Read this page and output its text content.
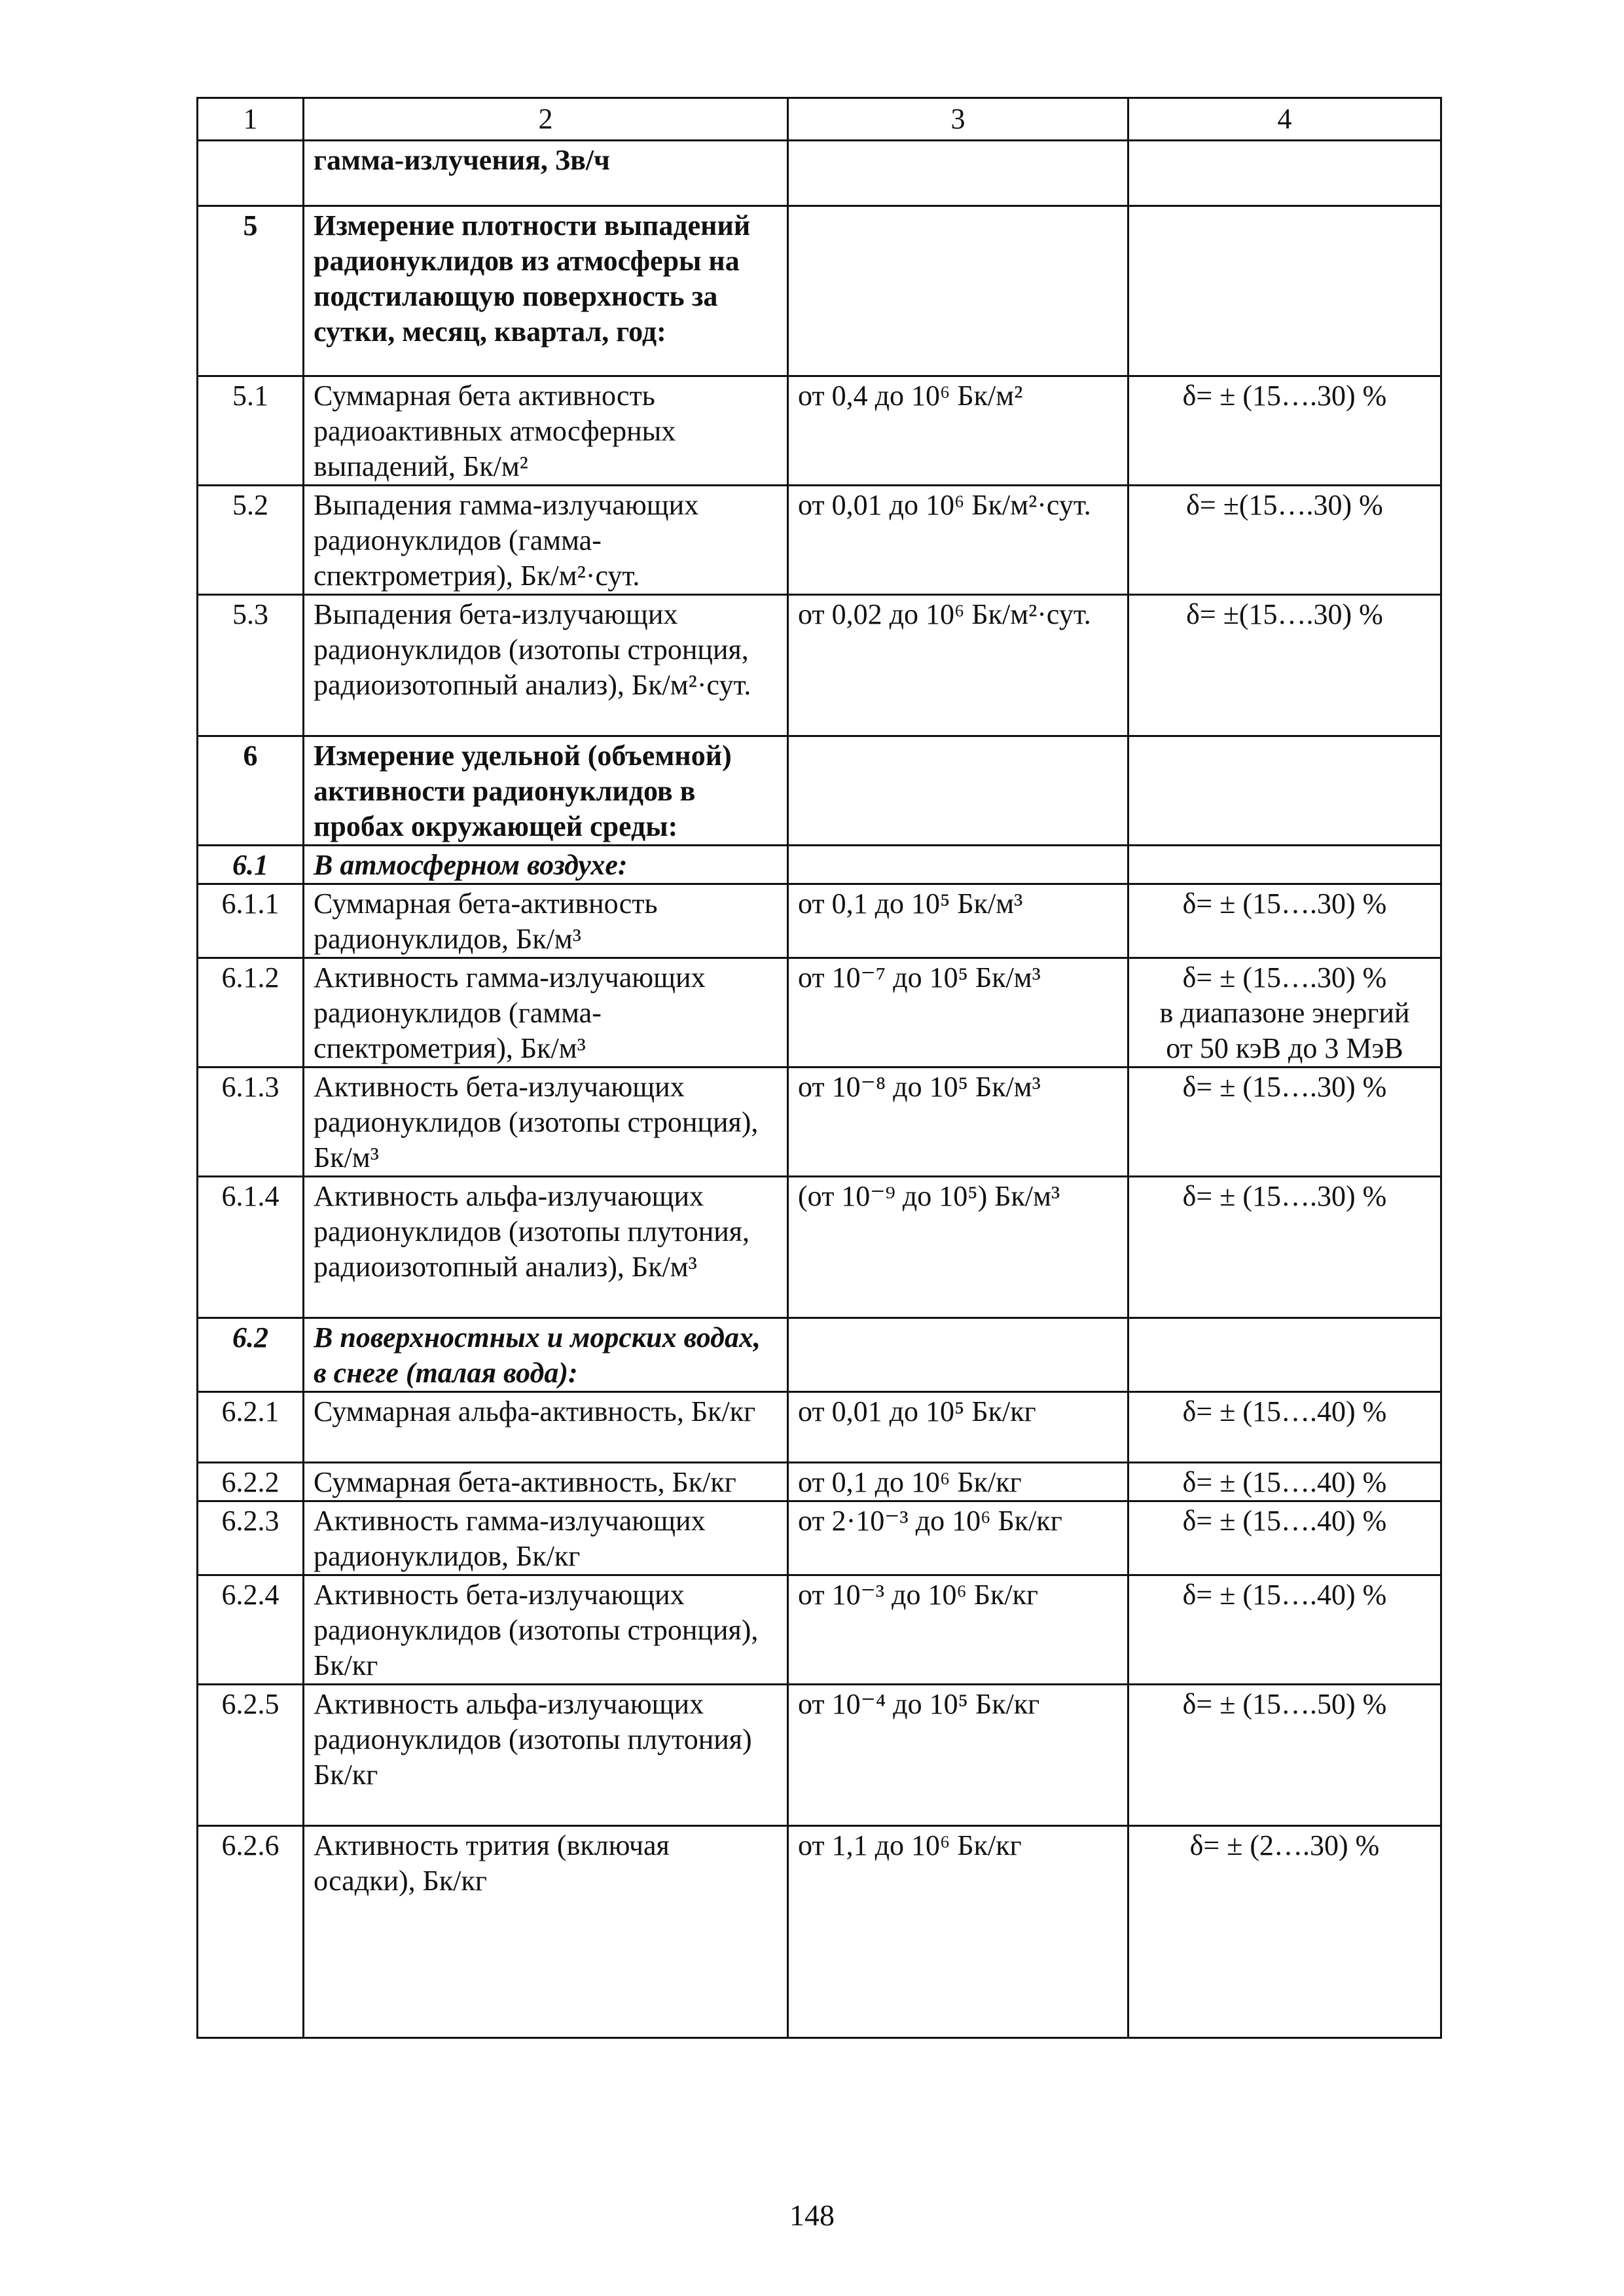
1	2	3	4
	гамма-излучения, Зв/ч		
5	Измерение плотности выпадений радионуклидов из атмосферы на подстилающую поверхность за сутки, месяц, квартал, год:		
5.1	Суммарная бета активность радиоактивных атмосферных выпадений, Бк/м²	от 0,4 до 10⁶ Бк/м²	δ= ± (15….30) %
5.2	Выпадения гамма-излучающих радионуклидов (гамма-спектрометрия), Бк/м²·сут.	от 0,01 до 10⁶ Бк/м²·сут.	δ= ±(15….30) %
5.3	Выпадения бета-излучающих радионуклидов (изотопы стронция, радиоизотопный анализ), Бк/м²·сут.	от 0,02 до 10⁶ Бк/м²·сут.	δ= ±(15….30) %
6	Измерение удельной (объемной) активности радионуклидов в пробах окружающей среды:		
6.1	В атмосферном воздухе:		
6.1.1	Суммарная бета-активность радионуклидов, Бк/м³	от 0,1 до 10⁵ Бк/м³	δ= ± (15….30) %
6.1.2	Активность гамма-излучающих радионуклидов (гамма-спектрометрия), Бк/м³	от 10⁻⁷ до 10⁵ Бк/м³	δ= ± (15….30) %
в диапазоне энергий
от 50 кэВ до 3 МэВ
6.1.3	Активность бета-излучающих радионуклидов (изотопы стронция), Бк/м³	от 10⁻⁸ до 10⁵ Бк/м³	δ= ± (15….30) %
6.1.4	Активность альфа-излучающих радионуклидов (изотопы плутония, радиоизотопный анализ), Бк/м³	(от 10⁻⁹ до 10⁵) Бк/м³	δ= ± (15….30) %
6.2	В поверхностных и морских водах, в снеге (талая вода):		
6.2.1	Суммарная альфа-активность, Бк/кг	от 0,01 до 10⁵ Бк/кг	δ= ± (15….40) %
6.2.2	Суммарная бета-активность, Бк/кг	от 0,1 до 10⁶ Бк/кг	δ= ± (15….40) %
6.2.3	Активность гамма-излучающих радионуклидов, Бк/кг	от 2·10⁻³ до 10⁶ Бк/кг	δ= ± (15….40) %
6.2.4	Активность бета-излучающих радионуклидов (изотопы стронция), Бк/кг	от 10⁻³ до 10⁶ Бк/кг	δ= ± (15….40) %
6.2.5	Активность альфа-излучающих радионуклидов (изотопы плутония) Бк/кг	от 10⁻⁴ до 10⁵ Бк/кг	δ= ± (15….50) %
6.2.6	Активность трития (включая осадки), Бк/кг	от 1,1 до 10⁶ Бк/кг	δ= ± (2….30) %
148
